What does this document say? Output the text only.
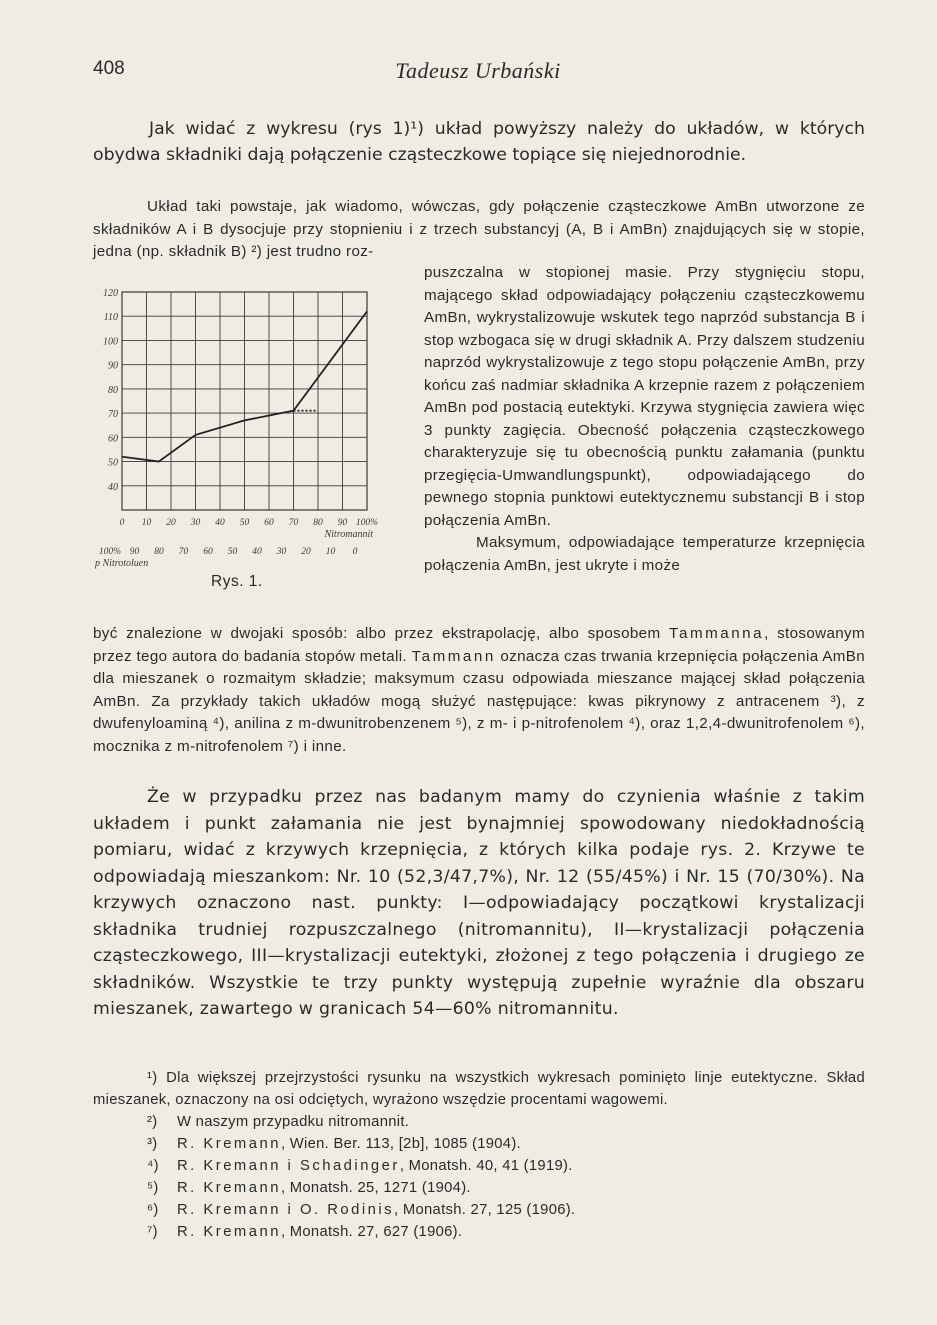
408	Tadeusz Urbański

Jak widać z wykresu (rys 1)¹) układ powyższy należy do układów, w których obydwa składniki dają połączenie cząsteczkowe topiące się niejednorodnie.

Układ taki powstaje, jak wiadomo, wówczas, gdy połączenie cząsteczkowe AmBn utworzone ze składników A i B dysocjuje przy stopnieniu i z trzech substancyj (A, B i AmBn) znajdujących się w stopie, jedna (np. składnik B) ²) jest trudno roz-

120
110
100
90
80
70
60
50
40
0 10 20 30 40 50 60 70 80 90 100%
Nitromannit
100% 90 80 70 60 50 40 30 20 10 0
p Nitrotoluen
Rys. 1.

puszczalna w stopionej masie. Przy stygnięciu stopu, mającego skład odpowiadający połączeniu cząsteczkowemu AmBn, wykrystalizowuje wskutek tego naprzód substancja B i stop wzbogaca się w drugi składnik A. Przy dalszem studzeniu naprzód wykrystalizowuje z tego stopu połączenie AmBn, przy końcu zaś nadmiar składnika A krzepnie razem z połączeniem AmBn pod postacią eutektyki. Krzywa stygnięcia zawiera więc 3 punkty zagięcia. Obecność połączenia cząsteczkowego charakteryzuje się tu obecnością punktu załamania (punktu przegięcia-Umwandlungspunkt), odpowiadającego do pewnego stopnia punktowi eutektycznemu substancji B i stop połączenia AmBn.

Maksymum, odpowiadające temperaturze krzepnięcia połączenia AmBn, jest ukryte i może

być znalezione w dwojaki sposób: albo przez ekstrapolację, albo sposobem Tammanna, stosowanym przez tego autora do badania stopów metali. Tammann oznacza czas trwania krzepnięcia połączenia AmBn dla mieszanek o rozmaitym składzie; maksymum czasu odpowiada mieszance mającej skład połączenia AmBn. Za przykłady takich układów mogą służyć następujące: kwas pikrynowy z antracenem ³), z dwufenyloaminą ⁴), anilina z m-dwunitrobenzenem ⁵), z m- i p-nitrofenolem ⁴), oraz 1,2,4-dwunitrofenolem ⁶), mocznika z m-nitrofenolem ⁷) i inne.

Że w przypadku przez nas badanym mamy do czynienia właśnie z takim układem i punkt załamania nie jest bynajmniej spowodowany niedokładnością pomiaru, widać z krzywych krzepnięcia, z których kilka podaje rys. 2. Krzywe te odpowiadają mieszankom: Nr. 10 (52,3/47,7%), Nr. 12 (55/45%) i Nr. 15 (70/30%). Na krzywych oznaczono nast. punkty: I—odpowiadający początkowi krystalizacji składnika trudniej rozpuszczalnego (nitromannitu), II—krystalizacji połączenia cząsteczkowego, III—krystalizacji eutektyki, złożonej z tego połączenia i drugiego ze składników. Wszystkie te trzy punkty występują zupełnie wyraźnie dla obszaru mieszanek, zawartego w granicach 54—60% nitromannitu.

¹) Dla większej przejrzystości rysunku na wszystkich wykresach pominięto linje eutektyczne. Skład mieszanek, oznaczony na osi odciętych, wyrażono wszędzie procentami wagowemi.

²) W naszym przypadku nitromannit.

³) R. Kremann, Wien. Ber. 113, [2b], 1085 (1904).

⁴) R. Kremann i Schadinger, Monatsh. 40, 41 (1919).

⁵) R. Kremann, Monatsh. 25, 1271 (1904).

⁶) R. Kremann i O. Rodinis, Monatsh. 27, 125 (1906).

⁷) R. Kremann, Monatsh. 27, 627 (1906).
